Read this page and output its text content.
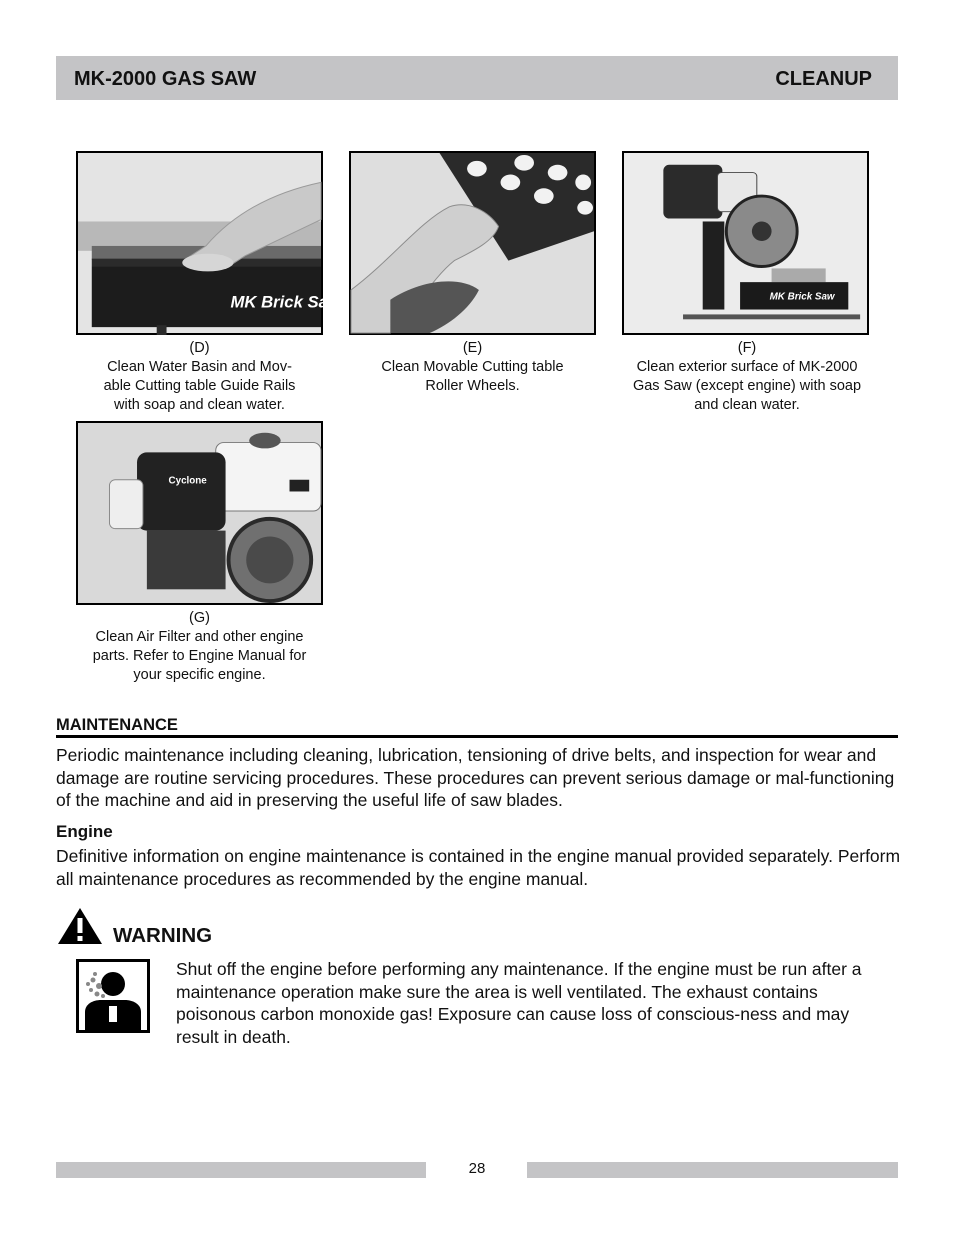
MK-2000 GAS SAW	CLEANUP
MK Brick Saw
(D)
Clean Water Basin and Mov-
able Cutting table Guide Rails
with soap and clean water.
(E)
Clean Movable Cutting table
Roller Wheels.
MK Brick Saw
(F)
Clean exterior surface of MK-2000
Gas Saw (except engine) with soap
and clean water.
Cyclone
(G)
Clean Air Filter and other engine
parts. Refer to Engine Manual for
your specific engine.
MAINTENANCE
Periodic maintenance including cleaning, lubrication, tensioning of drive belts, and inspection for wear and damage are routine servicing procedures. These procedures can prevent serious damage or mal-functioning of the machine and aid in preserving the useful life of saw blades.
Engine
Definitive information on engine maintenance is contained in the engine manual provided separately. Perform all maintenance procedures as recommended by the engine manual.
WARNING
Shut off the engine before performing any maintenance. If the engine must be run after a maintenance operation make sure the area is well ventilated. The exhaust contains poisonous carbon monoxide gas! Exposure can cause loss of conscious-ness and may result in death.
28
